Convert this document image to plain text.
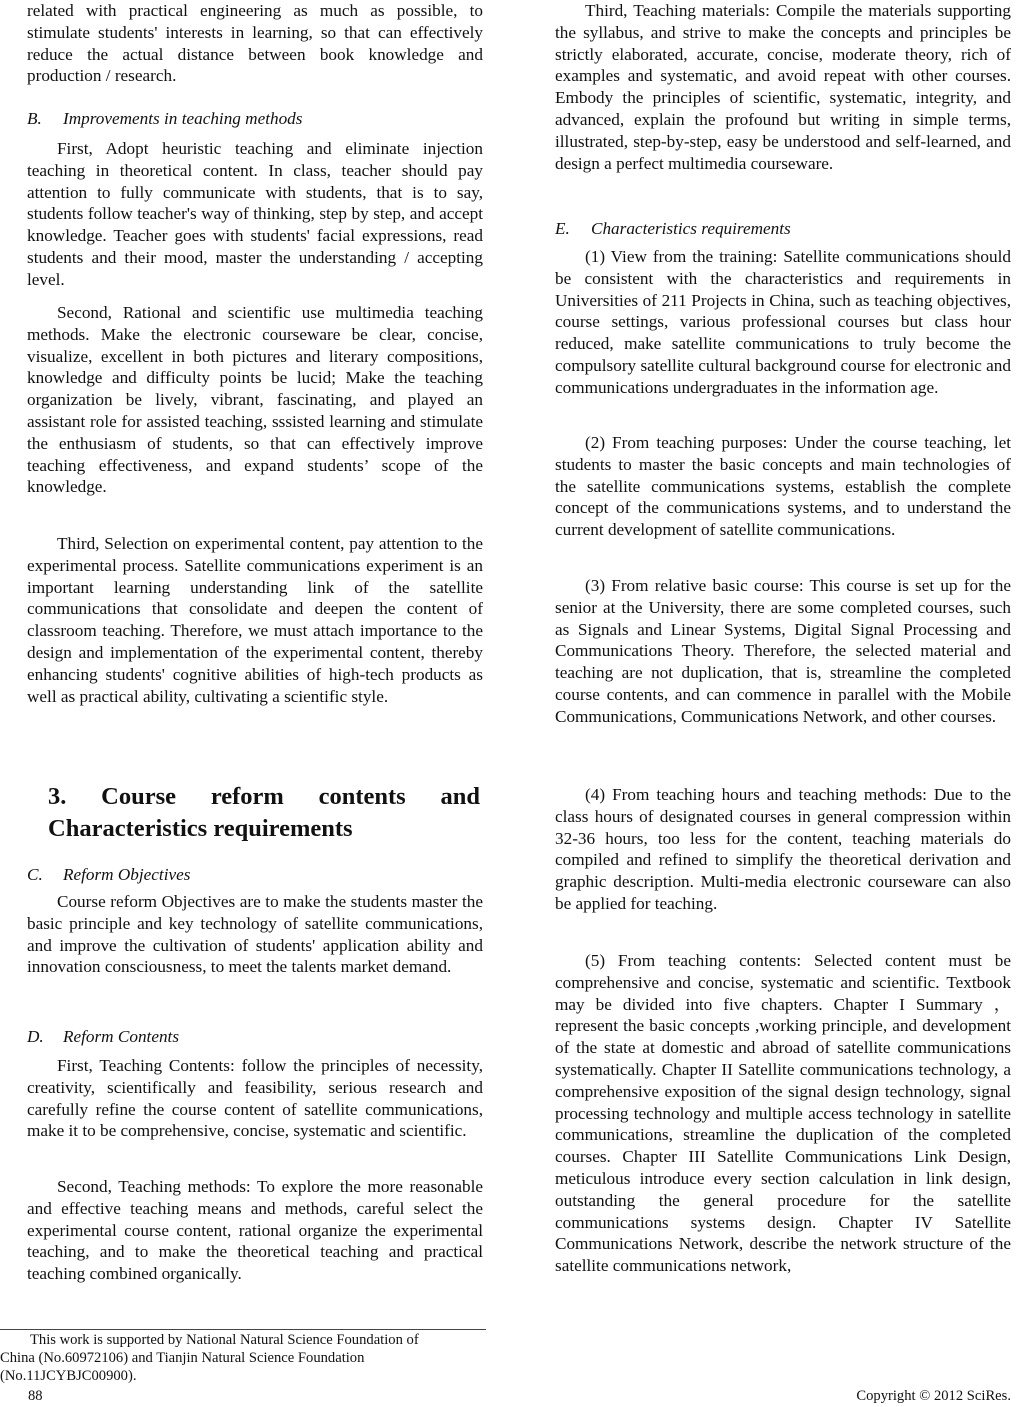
related with practical engineering as much as possible, to stimulate students' interests in learning, so that can effectively reduce the actual distance between book knowledge and production / research.

B. Improvements in teaching methods

First, Adopt heuristic teaching and eliminate injection teaching in theoretical content. In class, teacher should pay attention to fully communicate with students, that is to say, students follow teacher's way of thinking, step by step, and accept knowledge. Teacher goes with students' facial expressions, read students and their mood, master the understanding / accepting level.

Second, Rational and scientific use multimedia teaching methods. Make the electronic courseware be clear, concise, visualize, excellent in both pictures and literary compositions, knowledge and difficulty points be lucid; Make the teaching organization be lively, vibrant, fascinating, and played an assistant role for assisted teaching, sssisted learning and stimulate the enthusiasm of students, so that can effectively improve teaching effectiveness, and expand students’ scope of the knowledge.

Third, Selection on experimental content, pay attention to the experimental process. Satellite communications experiment is an important learning understanding link of the satellite communications that consolidate and deepen the content of classroom teaching. Therefore, we must attach importance to the design and implementation of the experimental content, thereby enhancing students' cognitive abilities of high-tech products as well as practical ability, cultivating a scientific style.

3. Course reform contents and Characteristics requirements
C. Reform Objectives

Course reform Objectives are to make the students master the basic principle and key technology of satellite communications, and improve the cultivation of students' application ability and innovation consciousness, to meet the talents market demand.

D. Reform Contents

First, Teaching Contents: follow the principles of necessity, creativity, scientifically and feasibility, serious research and carefully refine the course content of satellite communications, make it to be comprehensive, concise, systematic and scientific.

Second, Teaching methods: To explore the more reasonable and effective teaching means and methods, careful select the experimental course content, rational organize the experimental teaching, and to make the theoretical teaching and practical teaching combined organically.

Third, Teaching materials: Compile the materials supporting the syllabus, and strive to make the concepts and principles be strictly elaborated, accurate, concise, moderate theory, rich of examples and systematic, and avoid repeat with other courses. Embody the principles of scientific, systematic, integrity, and advanced, explain the profound but writing in simple terms, illustrated, step-by-step, easy be understood and self-learned, and design a perfect multimedia courseware.

E. Characteristics requirements

(1) View from the training: Satellite communications should be consistent with the characteristics and requirements in Universities of 211 Projects in China, such as teaching objectives, course settings, various professional courses but class hour reduced, make satellite communications to truly become the compulsory satellite cultural background course for electronic and communications undergraduates in the information age.

(2) From teaching purposes: Under the course teaching, let students to master the basic concepts and main technologies of the satellite communications systems, establish the complete concept of the communications systems, and to understand the current development of satellite communications.

(3) From relative basic course: This course is set up for the senior at the University, there are some completed courses, such as Signals and Linear Systems, Digital Signal Processing and Communications Theory. Therefore, the selected material and teaching are not duplication, that is, streamline the completed course contents, and can commence in parallel with the Mobile Communications, Communications Network, and other courses.

(4) From teaching hours and teaching methods: Due to the class hours of designated courses in general compression within 32-36 hours, too less for the content, teaching materials do compiled and refined to simplify the theoretical derivation and graphic description. Multi-media electronic courseware can also be applied for teaching.

(5) From teaching contents: Selected content must be comprehensive and concise, systematic and scientific. Textbook may be divided into five chapters. Chapter I Summary ， represent the basic concepts ,working principle, and development of the state at domestic and abroad of satellite communications systematically. Chapter II Satellite communications technology, a comprehensive exposition of the signal design technology, signal processing technology and multiple access technology in satellite communications, streamline the duplication of the completed courses. Chapter III Satellite Communications Link Design, meticulous introduce every section calculation in link design, outstanding the general procedure for the satellite communications systems design. Chapter IV Satellite Communications Network, describe the network structure of the satellite communications network,

This work is supported by National Natural Science Foundation of
China (No.60972106) and Tianjin Natural Science Foundation
(No.11JCYBJC00900).
88	Copyright © 2012 SciRes.
